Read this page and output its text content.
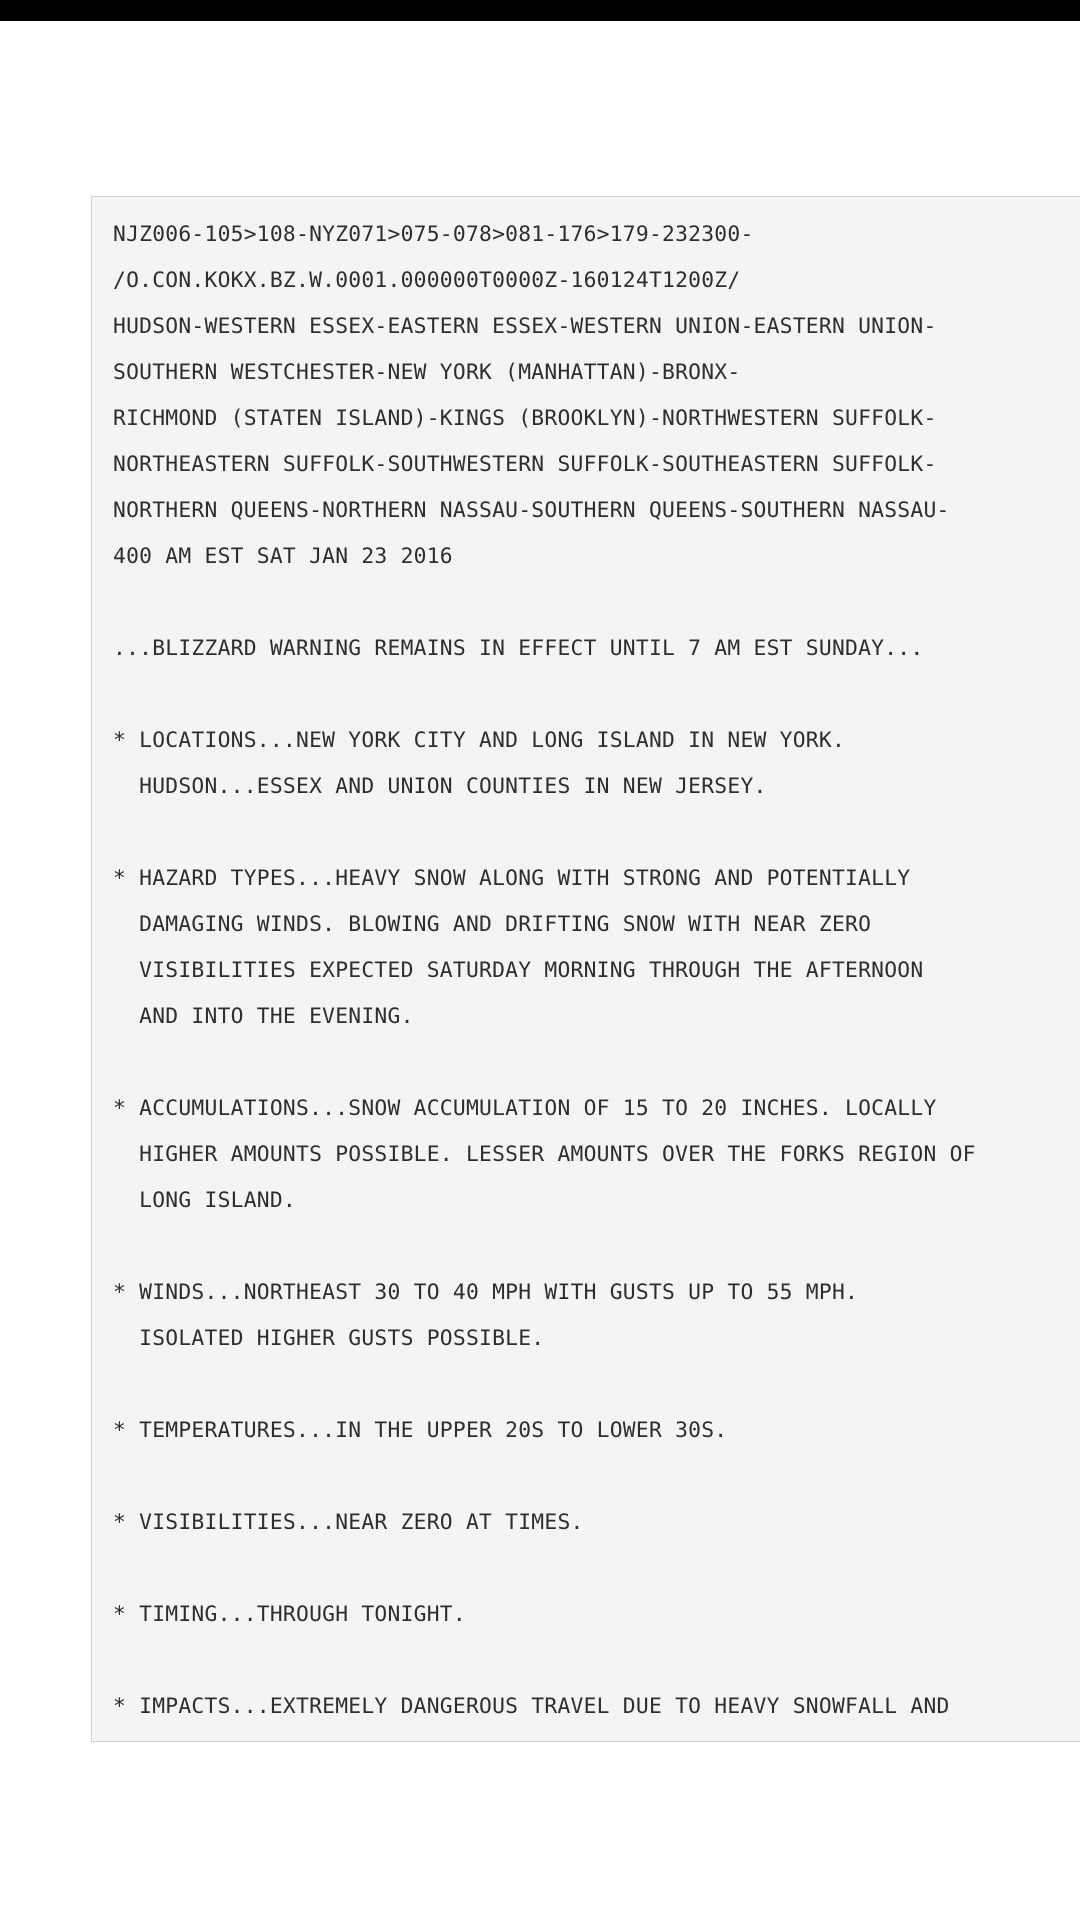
NJZ006-105>108-NYZ071>075-078>081-176>179-232300-
/O.CON.KOKX.BZ.W.0001.000000T0000Z-160124T1200Z/
HUDSON-WESTERN ESSEX-EASTERN ESSEX-WESTERN UNION-EASTERN UNION-
SOUTHERN WESTCHESTER-NEW YORK (MANHATTAN)-BRONX-
RICHMOND (STATEN ISLAND)-KINGS (BROOKLYN)-NORTHWESTERN SUFFOLK-
NORTHEASTERN SUFFOLK-SOUTHWESTERN SUFFOLK-SOUTHEASTERN SUFFOLK-
NORTHERN QUEENS-NORTHERN NASSAU-SOUTHERN QUEENS-SOUTHERN NASSAU-
400 AM EST SAT JAN 23 2016
...BLIZZARD WARNING REMAINS IN EFFECT UNTIL 7 AM EST SUNDAY...
* LOCATIONS...NEW YORK CITY AND LONG ISLAND IN NEW YORK.
HUDSON...ESSEX AND UNION COUNTIES IN NEW JERSEY.
* HAZARD TYPES...HEAVY SNOW ALONG WITH STRONG AND POTENTIALLY
DAMAGING WINDS. BLOWING AND DRIFTING SNOW WITH NEAR ZERO
VISIBILITIES EXPECTED SATURDAY MORNING THROUGH THE AFTERNOON
AND INTO THE EVENING.
* ACCUMULATIONS...SNOW ACCUMULATION OF 15 TO 20 INCHES. LOCALLY
HIGHER AMOUNTS POSSIBLE. LESSER AMOUNTS OVER THE FORKS REGION OF
LONG ISLAND.
* WINDS...NORTHEAST 30 TO 40 MPH WITH GUSTS UP TO 55 MPH.
ISOLATED HIGHER GUSTS POSSIBLE.
* TEMPERATURES...IN THE UPPER 20S TO LOWER 30S.
* VISIBILITIES...NEAR ZERO AT TIMES.
* TIMING...THROUGH TONIGHT.
* IMPACTS...EXTREMELY DANGEROUS TRAVEL DUE TO HEAVY SNOWFALL AND
